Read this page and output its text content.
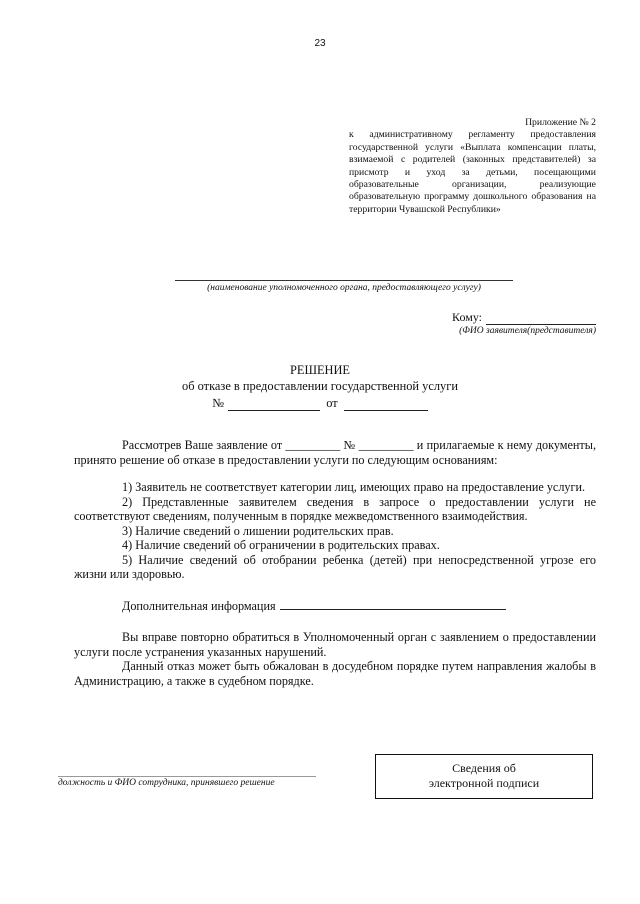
23
Приложение № 2
к административному регламенту предоставления государственной услуги «Выплата компенсации платы, взимаемой с родителей (законных представителей) за присмотр и уход за детьми, посещающими образовательные организации, реализующие образовательную программу дошкольного образования на территории Чувашской Республики»
(наименование уполномоченного органа, предоставляющего услугу)
Кому:
(ФИО заявителя(представителя)
РЕШЕНИЕ
об отказе в предоставлении государственной услуги
№	от

Рассмотрев Ваше заявление от _________ № _________ и прилагаемые к нему документы, принято решение об отказе в предоставлении услуги по следующим основаниям:

1) Заявитель не соответствует категории лиц, имеющих право на предоставление услуги.

2) Представленные заявителем сведения в запросе о предоставлении услуги не соответствуют сведениям, полученным в порядке межведомственного взаимодействия.

3) Наличие сведений о лишении родительских прав.

4) Наличие сведений об ограничении в родительских правах.

5) Наличие сведений об отобрании ребенка (детей) при непосредственной угрозе его жизни или здоровью.

Дополнительная информация

Вы вправе повторно обратиться в Уполномоченный орган с заявлением о предоставлении услуги после устранения указанных нарушений.

Данный отказ может быть обжалован в досудебном порядке путем направления жалобы в Администрацию, а также в судебном порядке.

должность и ФИО сотрудника, принявшего решение
Сведения об
электронной подписи
